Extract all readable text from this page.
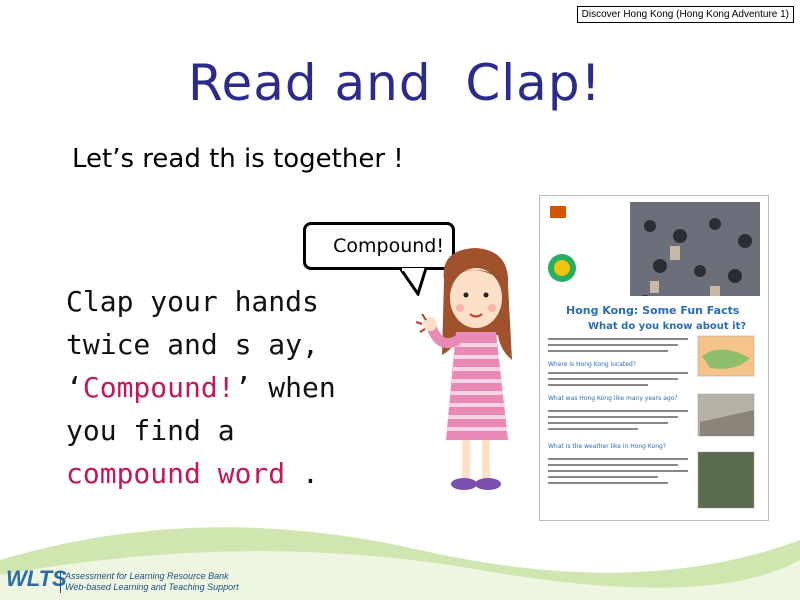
Discover Hong Kong (Hong Kong Adventure 1)
Read and  Clap!
Let’s read th is together !
Compound!
Clap your hands
twice and s ay,
‘Compound!’ when
you find a
compound word .
Hong Kong: Some Fun Facts
What do you know about it?
Where is Hong Kong located?
What was Hong Kong like many years ago?
What is the weather like in Hong Kong?
WLTS
Assessment for Learning Resource Bank
Web-based Learning and Teaching Support
